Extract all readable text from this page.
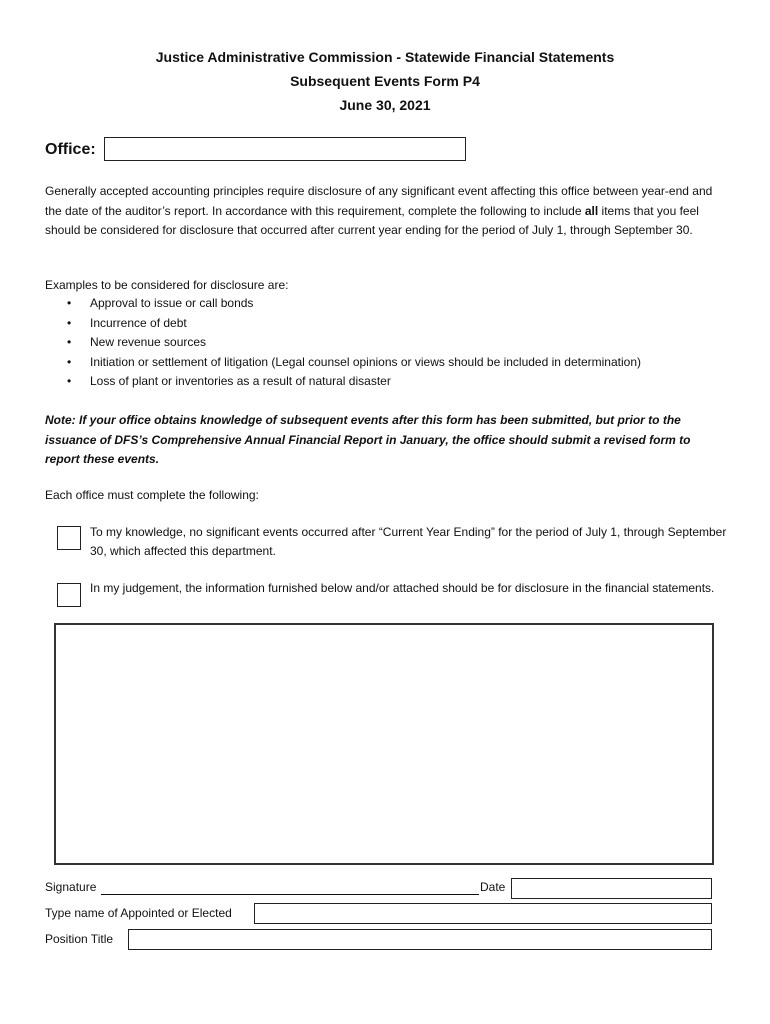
Justice Administrative Commission - Statewide Financial Statements
Subsequent Events Form P4
June 30, 2021
Office:
Generally accepted accounting principles require disclosure of any significant event affecting this office between year-end and the date of the auditor’s report. In accordance with this requirement, complete the following to include all items that you feel should be considered for disclosure that occurred after current year ending for the period of July 1, through September 30.
Examples to be considered for disclosure are:
• Approval to issue or call bonds
• Incurrence of debt
• New revenue sources
• Initiation or settlement of litigation (Legal counsel opinions or views should be included in determination)
• Loss of plant or inventories as a result of natural disaster
Note: If your office obtains knowledge of subsequent events after this form has been submitted, but prior to the issuance of DFS’s Comprehensive Annual Financial Report in January, the office should submit a revised form to report these events.
Each office must complete the following:
To my knowledge, no significant events occurred after “Current Year Ending” for the period of July 1, through September 30, which affected this department.
In my judgement, the information furnished below and/or attached should be for disclosure in the financial statements.
Signature	Date
Type name of Appointed or Elected
Position Title
